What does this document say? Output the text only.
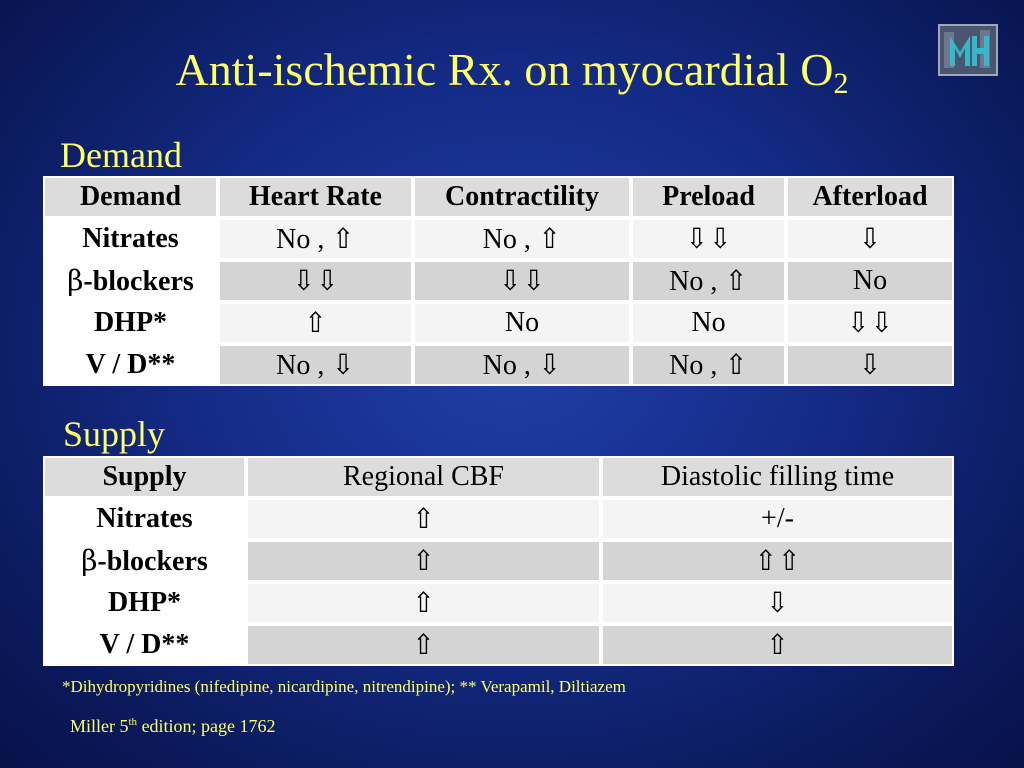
Anti-ischemic Rx. on myocardial $O_2$
Demand
Demand	Heart Rate	Contractility	Preload	Afterload
Nitrates	No , ⇧	No , ⇧	⇩⇩	⇩
β-blockers	⇩⇩	⇩⇩	No , ⇧	No
DHP*	⇧	No	No	⇩⇩
V / D**	No , ⇩	No , ⇩	No , ⇧	⇩
Supply
Supply	Regional CBF	Diastolic filling time
Nitrates	⇧	+/-
β-blockers	⇧	⇧⇧
DHP*	⇧	⇩
V / D**	⇧	⇧
*Dihydropyridines (nifedipine, nicardipine, nitrendipine); ** Verapamil, Diltiazem
Miller 5th edition; page 1762
